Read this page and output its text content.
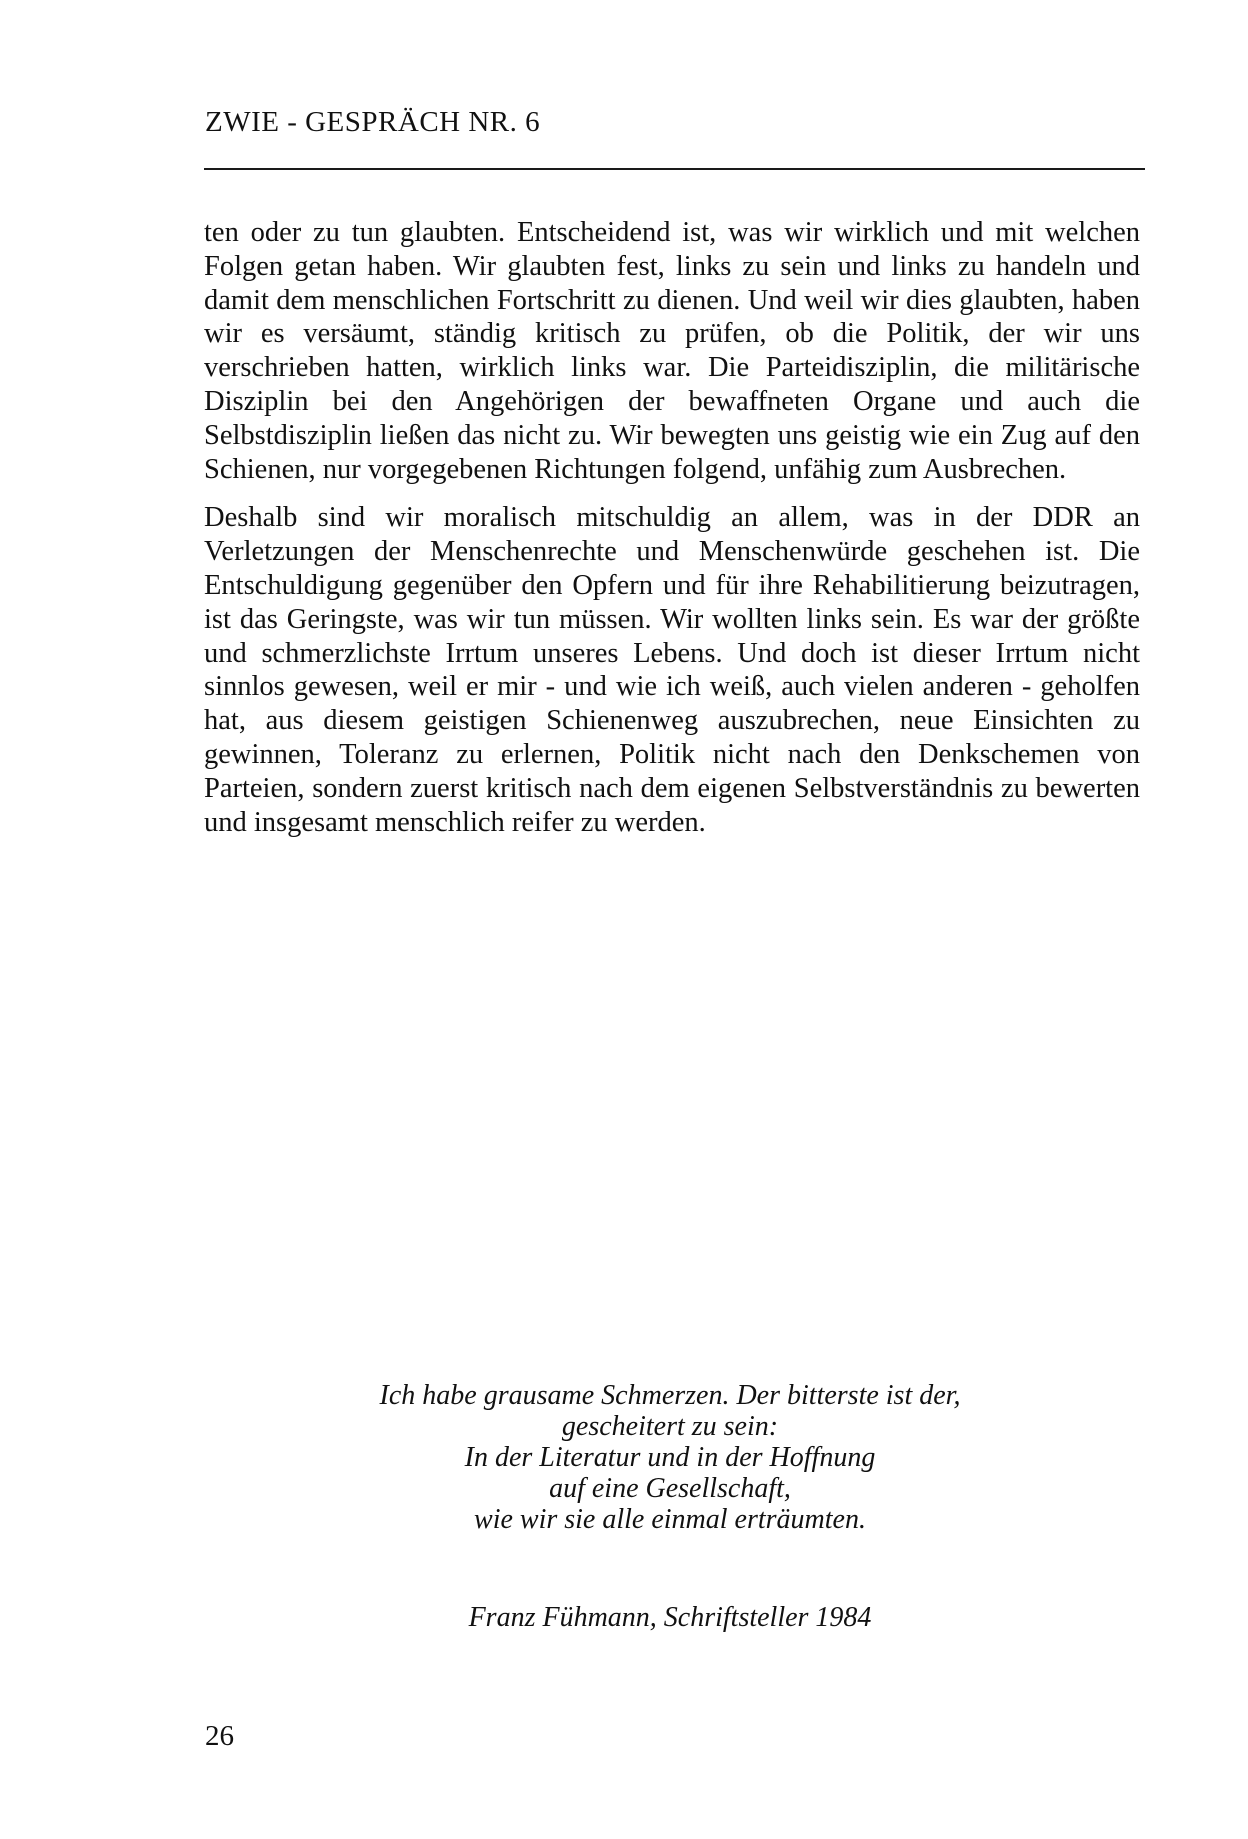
ZWIE - GESPRÄCH NR. 6

ten oder zu tun glaubten. Entscheidend ist, was wir wirklich und mit welchen Folgen getan haben. Wir glaubten fest, links zu sein und links zu handeln und damit dem menschlichen Fortschritt zu dienen. Und weil wir dies glaubten, haben wir es versäumt, ständig kritisch zu prüfen, ob die Politik, der wir uns verschrieben hatten, wirklich links war. Die Parteidisziplin, die militärische Disziplin bei den Angehörigen der bewaffneten Organe und auch die Selbstdisziplin ließen das nicht zu. Wir bewegten uns geistig wie ein Zug auf den Schienen, nur vorgegebenen Richtungen folgend, unfähig zum Ausbrechen.

Deshalb sind wir moralisch mitschuldig an allem, was in der DDR an Verletzungen der Menschenrechte und Menschenwürde geschehen ist. Die Entschuldigung gegenüber den Opfern und für ihre Rehabilitierung beizutragen, ist das Geringste, was wir tun müssen. Wir wollten links sein. Es war der größte und schmerzlichste Irrtum unseres Lebens. Und doch ist dieser Irrtum nicht sinnlos gewesen, weil er mir - und wie ich weiß, auch vielen anderen - geholfen hat, aus diesem geistigen Schienenweg auszubrechen, neue Einsichten zu gewinnen, Toleranz zu erlernen, Politik nicht nach den Denkschemen von Parteien, sondern zuerst kritisch nach dem eigenen Selbstverständnis zu bewerten und insgesamt menschlich reifer zu werden.

Ich habe grausame Schmerzen. Der bitterste ist der,
gescheitert zu sein:
In der Literatur und in der Hoffnung
auf eine Gesellschaft,
wie wir sie alle einmal erträumten.
Franz Fühmann, Schriftsteller 1984
26
